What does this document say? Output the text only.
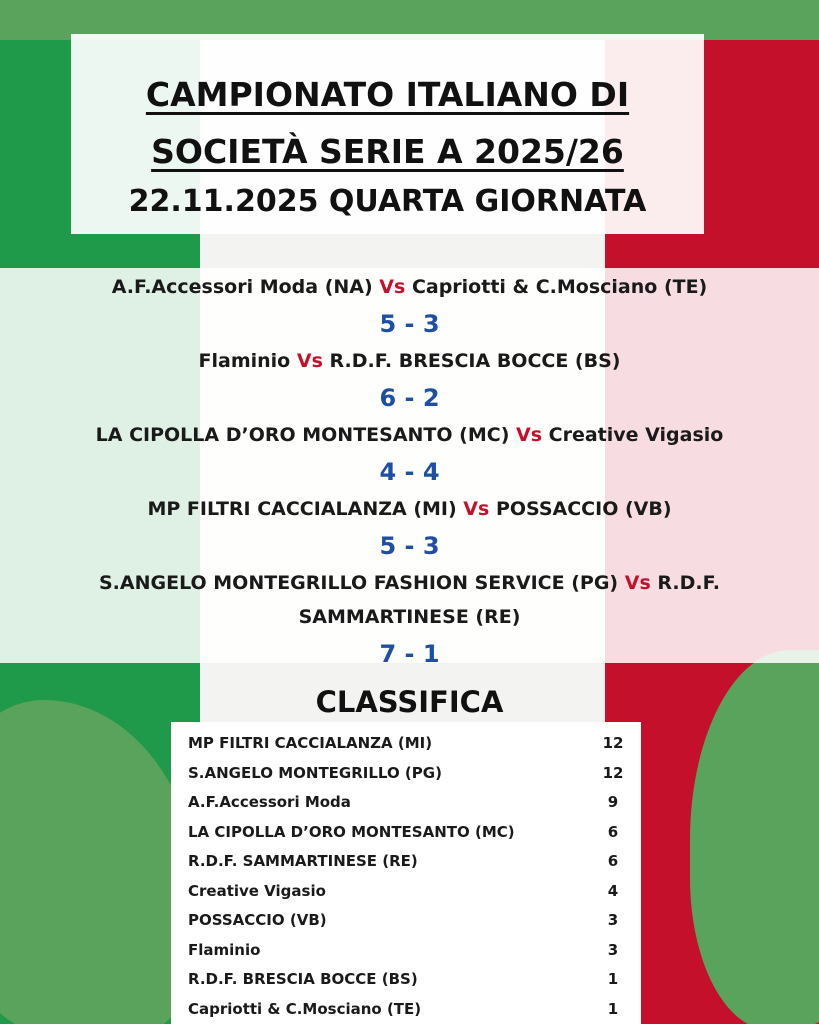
CAMPIONATO ITALIANO DI
SOCIETÀ SERIE A 2025/26

22.11.2025 QUARTA GIORNATA

A.F.Accessori Moda (NA) Vs Capriotti & C.Mosciano (TE)

5 - 3

Flaminio Vs R.D.F. BRESCIA BOCCE (BS)

6 - 2

LA CIPOLLA D’ORO MONTESANTO (MC) Vs Creative Vigasio

4 - 4

MP FILTRI CACCIALANZA (MI) Vs POSSACCIO (VB)

5 - 3

S.ANGELO MONTEGRILLO FASHION SERVICE (PG) Vs R.D.F.
SAMMARTINESE (RE)

7 - 1

CLASSIFICA

MP FILTRI CACCIALANZA (MI)	12
S.ANGELO MONTEGRILLO (PG)	12
A.F.Accessori Moda	9
LA CIPOLLA D’ORO MONTESANTO (MC)	6
R.D.F. SAMMARTINESE (RE)	6
Creative Vigasio	4
POSSACCIO (VB)	3
Flaminio	3
R.D.F. BRESCIA BOCCE (BS)	1
Capriotti & C.Mosciano (TE)	1
